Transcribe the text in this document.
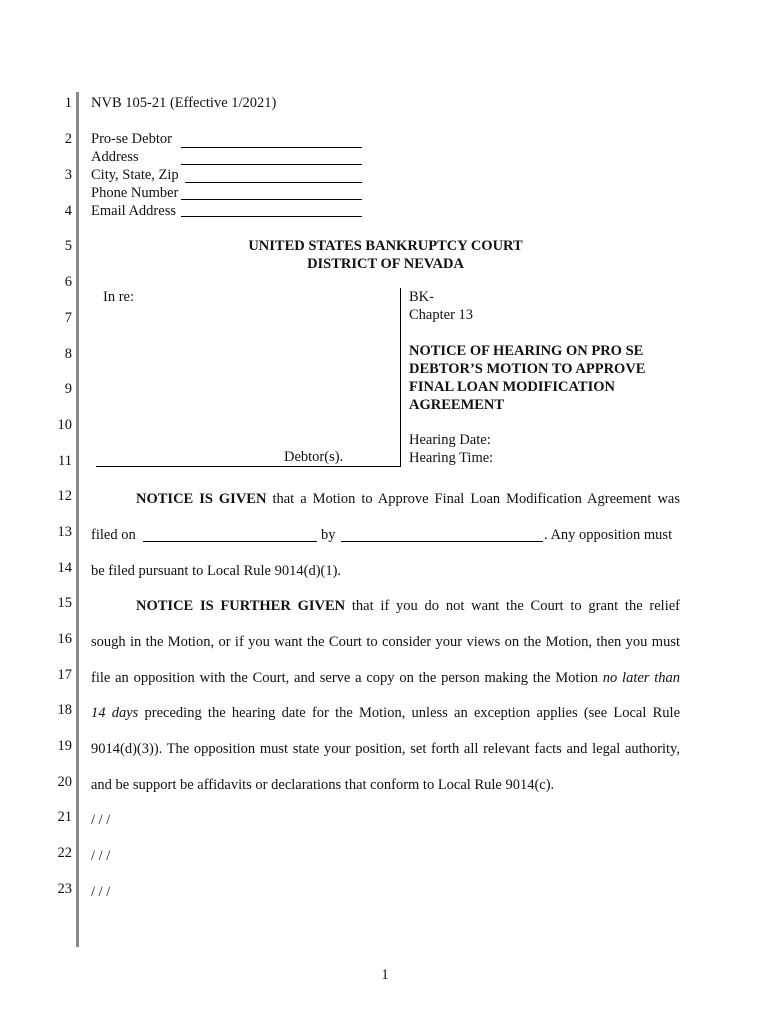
1
2
3
4
5
6
7
8
9
10
11
12
13
14
15
16
17
18
19
20
21
22
23
NVB 105-21 (Effective 1/2021)
Pro-se Debtor
Address
City, State, Zip
Phone Number
Email Address
UNITED STATES BANKRUPTCY COURT
DISTRICT OF NEVADA
In re:
Debtor(s).
BK-
Chapter 13
NOTICE OF HEARING ON PRO SE
DEBTOR’S MOTION TO APPROVE
FINAL LOAN MODIFICATION
AGREEMENT
Hearing Date:
Hearing Time:
NOTICE IS GIVEN that a Motion to Approve Final Loan Modification Agreement was
filed on	by	. Any opposition must
be filed pursuant to Local Rule 9014(d)(1).
NOTICE IS FURTHER GIVEN that if you do not want the Court to grant the relief
sough in the Motion, or if you want the Court to consider your views on the Motion, then you must
file an opposition with the Court, and serve a copy on the person making the Motion no later than
14 days preceding the hearing date for the Motion, unless an exception applies (see Local Rule
9014(d)(3)). The opposition must state your position, set forth all relevant facts and legal authority,
and be support be affidavits or declarations that conform to Local Rule 9014(c).
/ / /
/ / /
/ / /
1
